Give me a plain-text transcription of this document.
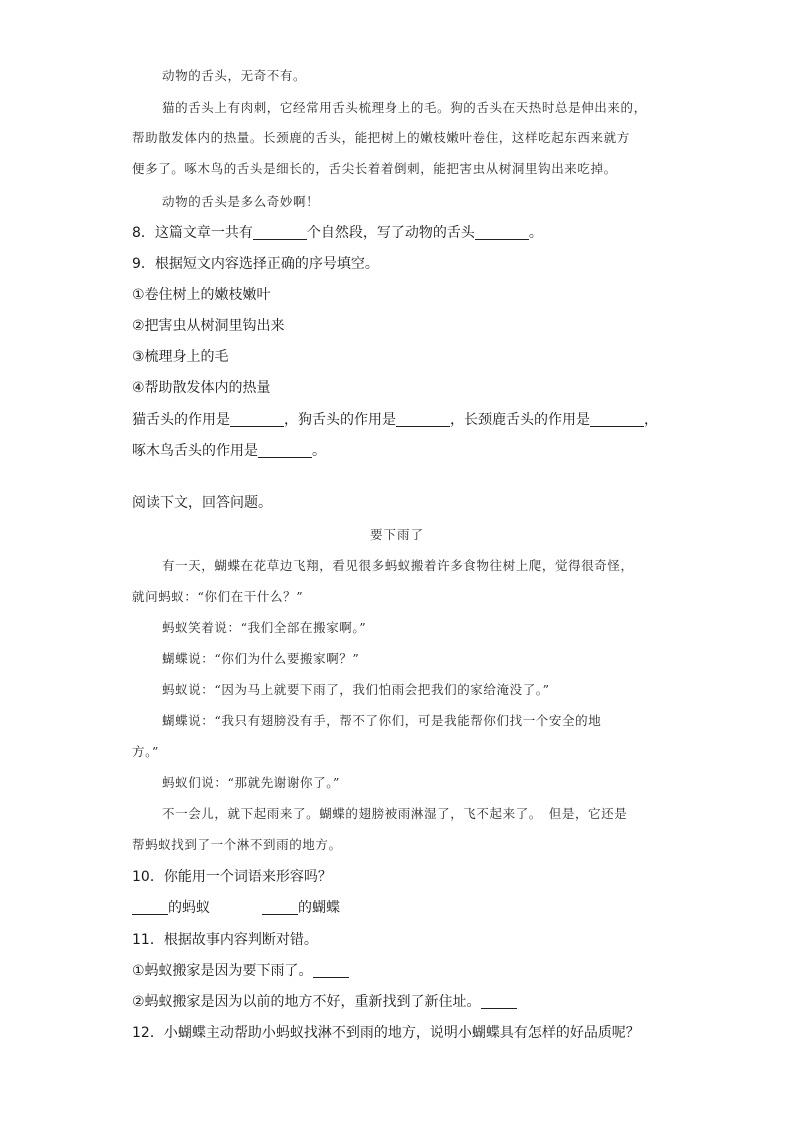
动物的舌头，无奇不有。
猫的舌头上有肉刺，它经常用舌头梳理身上的毛。狗的舌头在天热时总是伸出来的，
帮助散发体内的热量。长颈鹿的舌头，能把树上的嫩枝嫩叶卷住，这样吃起东西来就方
便多了。啄木鸟的舌头是细长的，舌尖长着着倒刺，能把害虫从树洞里钩出来吃掉。
动物的舌头是多么奇妙啊！
8．这篇文章一共有	个自然段，写了动物的舌头	。
9．根据短文内容选择正确的序号填空。
①卷住树上的嫩枝嫩叶
②把害虫从树洞里钩出来
③梳理身上的毛
④帮助散发体内的热量
猫舌头的作用是	，狗舌头的作用是	，长颈鹿舌头的作用是	，
啄木鸟舌头的作用是	。
阅读下文，回答问题。
要下雨了
有一天，蝴蝶在花草边飞翔，看见很多蚂蚁搬着许多食物往树上爬，觉得很奇怪，
就问蚂蚁：“你们在干什么？”
蚂蚁笑着说：“我们全部在搬家啊。”
蝴蝶说：“你们为什么要搬家啊？”
蚂蚁说：“因为马上就要下雨了，我们怕雨会把我们的家给淹没了。”
蝴蝶说：“我只有翅膀没有手，帮不了你们，可是我能帮你们找一个安全的地
方。”
蚂蚁们说：“那就先谢谢你了。”
不一会儿，就下起雨来了。蝴蝶的翅膀被雨淋湿了，飞不起来了。　但是，它还是
帮蚂蚁找到了一个淋不到雨的地方。
10．你能用一个词语来形容吗？
的蚂蚁	的蝴蝶
11．根据故事内容判断对错。
①蚂蚁搬家是因为要下雨了。
②蚂蚁搬家是因为以前的地方不好，重新找到了新住址。
12．小蝴蝶主动帮助小蚂蚁找淋不到雨的地方，说明小蝴蝶具有怎样的好品质呢？
